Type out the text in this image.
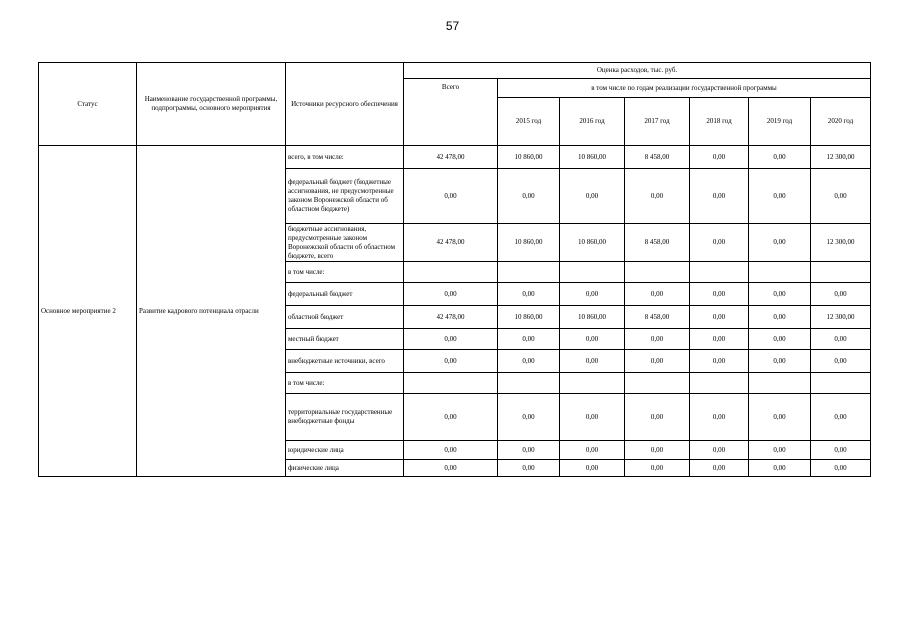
57
Статус	Наименование государственной программы, подпрограммы, основного мероприятия	Источники ресурсного обеспечения	Оценка расходов, тыс. руб.						
			Всего	в том числе по годам реализации государственной программы					
				2015 год	2016 год	2017 год	2018 год	2019 год	2020 год
Основное мероприятие 2	Развитие кадрового потенциала отрасли	всего, в том числе:	42 478,00	10 860,00	10 860,00	8 458,00	0,00	0,00	12 300,00
		федеральный бюджет (бюджетные ассигнования, не предусмотренные законом Воронежской области об областном бюджете)	0,00	0,00	0,00	0,00	0,00	0,00	0,00
		бюджетные ассигнования, предусмотренные законом Воронежской области об областном бюджете, всего	42 478,00	10 860,00	10 860,00	8 458,00	0,00	0,00	12 300,00
		в том числе:							
		федеральный бюджет	0,00	0,00	0,00	0,00	0,00	0,00	0,00
		областной бюджет	42 478,00	10 860,00	10 860,00	8 458,00	0,00	0,00	12 300,00
		местный бюджет	0,00	0,00	0,00	0,00	0,00	0,00	0,00
		внебюджетные источники, всего	0,00	0,00	0,00	0,00	0,00	0,00	0,00
		в том числе:							
		территориальные государственные внебюджетные фонды	0,00	0,00	0,00	0,00	0,00	0,00	0,00
		юридические лица	0,00	0,00	0,00	0,00	0,00	0,00	0,00
		физические лица	0,00	0,00	0,00	0,00	0,00	0,00	0,00
